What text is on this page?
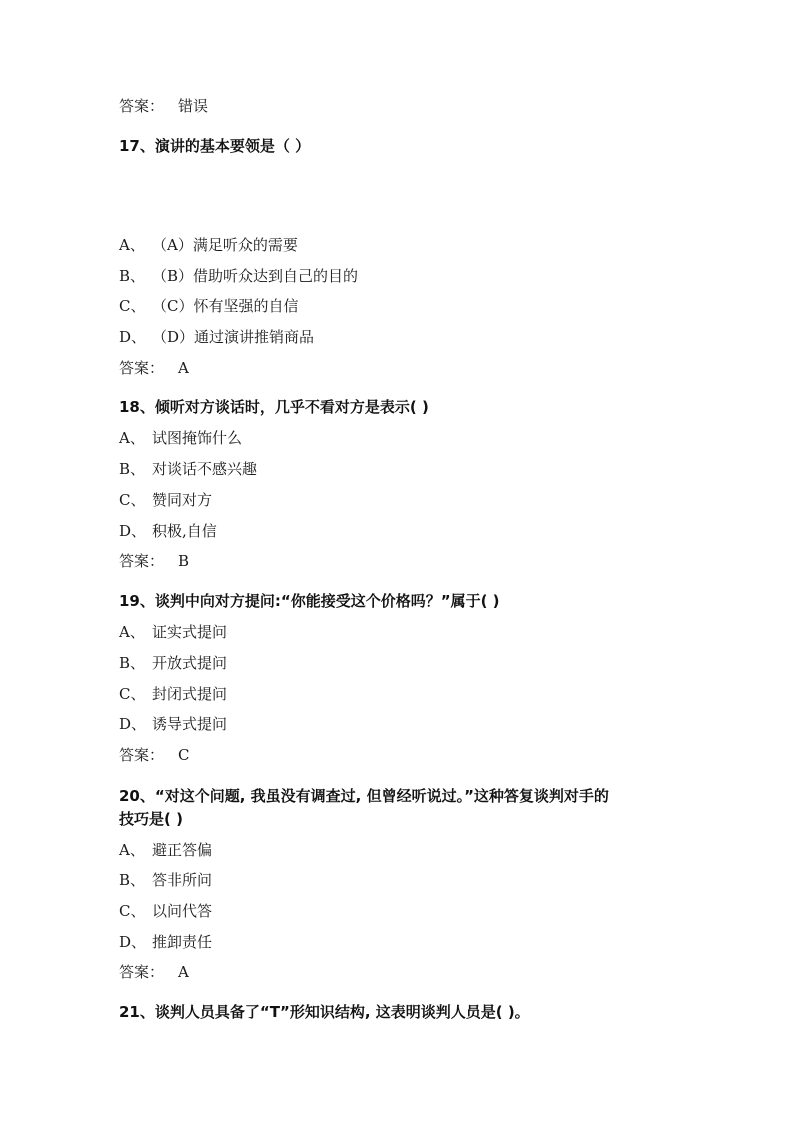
答案： 错误
17、演讲的基本要领是（ ）
A、 （A）满足听众的需要
B、 （B）借助听众达到自己的目的
C、 （C）怀有坚强的自信
D、 （D）通过演讲推销商品
答案： A
18、倾听对方谈话时，几乎不看对方是表示( )
A、 试图掩饰什么
B、 对谈话不感兴趣
C、 赞同对方
D、 积极,自信
答案： B
19、谈判中向对方提问:“你能接受这个价格吗？”属于( )
A、 证实式提问
B、 开放式提问
C、 封闭式提问
D、 诱导式提问
答案： C
20、“对这个问题, 我虽没有调查过, 但曾经听说过。”这种答复谈判对手的
技巧是( )
A、 避正答偏
B、 答非所问
C、 以问代答
D、 推卸责任
答案： A
21、谈判人员具备了“T”形知识结构, 这表明谈判人员是( )。
